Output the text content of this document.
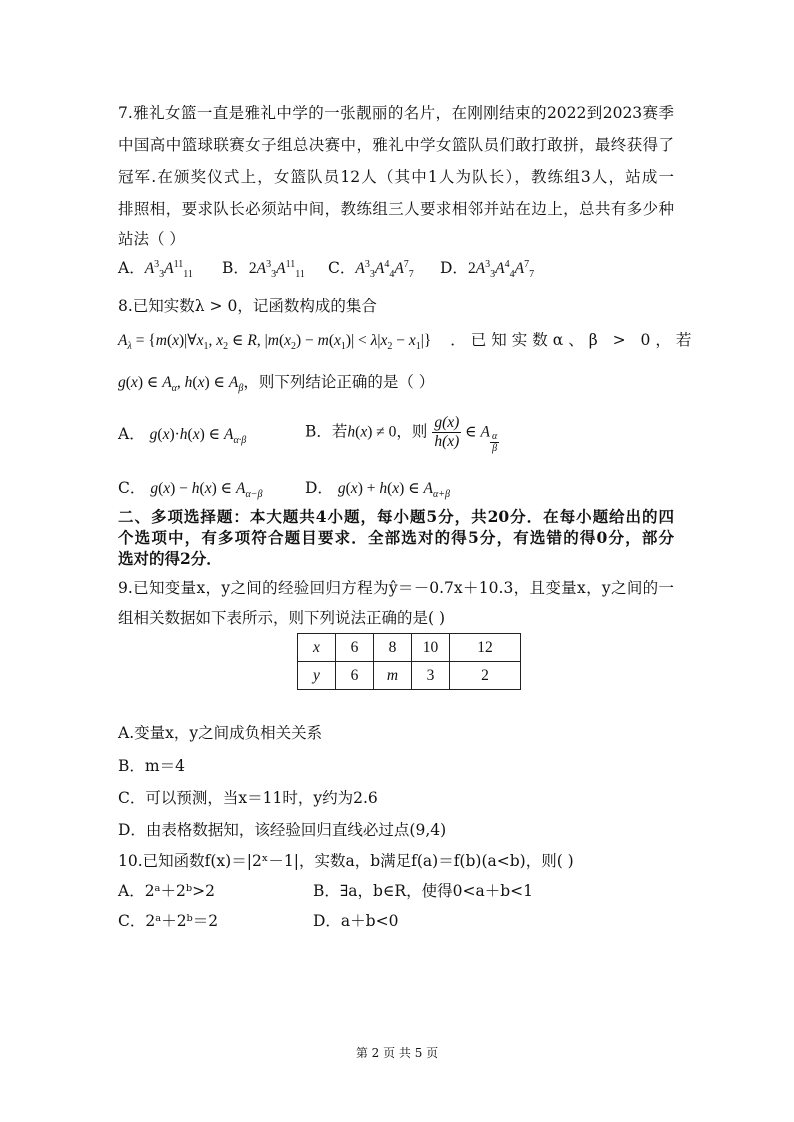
7.雅礼女篮一直是雅礼中学的一张靓丽的名片，在刚刚结束的2022到2023赛季
中国高中篮球联赛女子组总决赛中，雅礼中学女篮队员们敢打敢拼，最终获得了
冠军.在颁奖仪式上，女篮队员12人（其中1人为队长），教练组3人，站成一
排照相，要求队长必须站中间，教练组三人要求相邻并站在边上，总共有多少种
站法（ ）
A．$A^3_3A^{11}_{11}$ B．$2A^3_3A^{11}_{11}$ C．$A^3_3A^4_4A^7_7$ D．$2A^3_3A^4_4A^7_7$
8.已知实数λ > 0，记函数构成的集合
$A_\lambda$ = {$m(x)|\forall x_1$, $x_2$ ∈ R, $|m(x_2) - m(x_1)| < \lambda|x_2 - x_1|$} ．已知实数α、β > 0，若
g(x) ∈ $A_\alpha$, h(x) ∈ $A_\beta$，则下列结论正确的是（ ）
A． g(x)·h(x) ∈ $A_{\alpha\cdot\beta}$
B．若h(x) ≠ 0，则 $\frac{g(x)}{h(x)}$ ∈ A $\frac{\alpha}{\beta}$
C． g(x) − h(x) ∈ $A_{\alpha-\beta}$	D． g(x) + h(x) ∈ $A_{\alpha+\beta}$
二、多项选择题：本大题共4小题，每小题5分，共20分．在每小题给出的四
个选项中，有多项符合题目要求．全部选对的得5分，有选错的得0分，部分
选对的得2分．
9.已知变量x，y之间的经验回归方程为ŷ＝－0.7x＋10.3，且变量x，y之间的一
组相关数据如下表所示，则下列说法正确的是( )
x	6	8	10	12
y	6	m	3	2
A.变量x，y之间成负相关关系
B．m＝4
C．可以预测，当x＝11时，y约为2.6
D．由表格数据知，该经验回归直线必过点(9,4)
10.已知函数f(x)＝|2ˣ－1|，实数a，b满足f(a)＝f(b)(a<b)，则( )
A．2ᵃ＋2ᵇ>2	B．∃a，b∈R，使得0<a＋b<1
C．2ᵃ＋2ᵇ＝2	D．a＋b<0
第 2 页 共 5 页
